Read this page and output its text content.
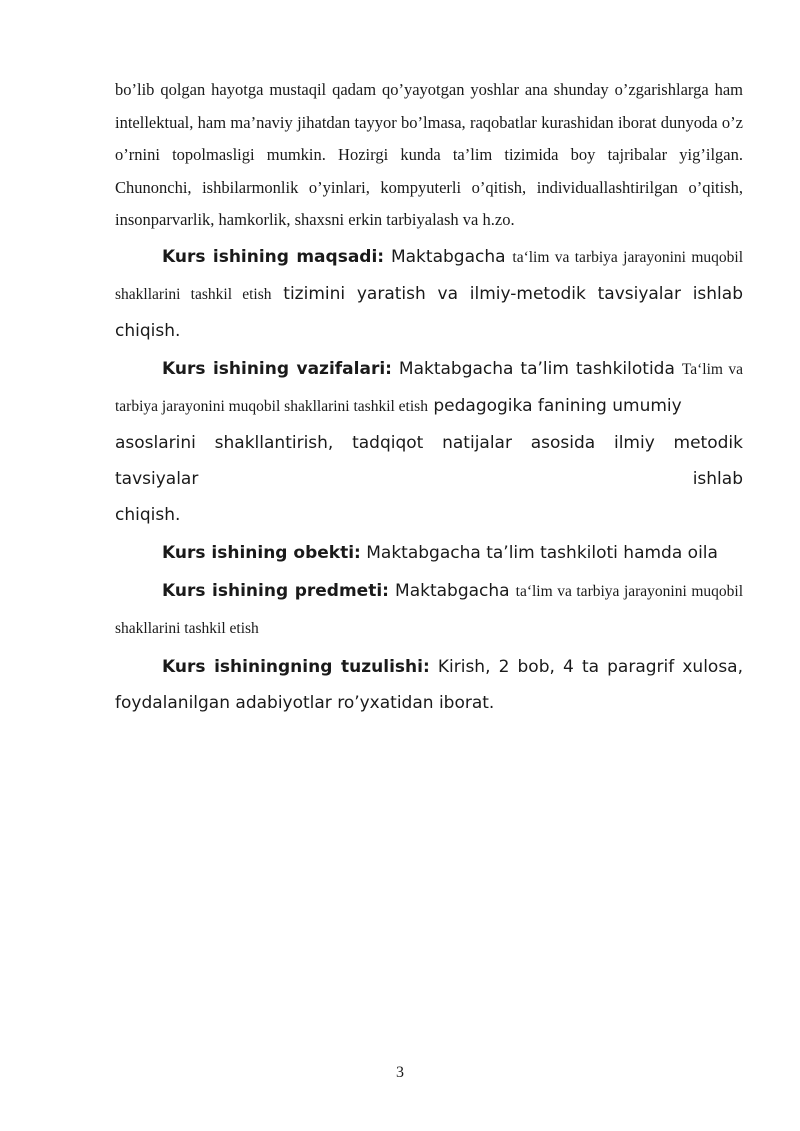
bo’lib qolgan hayotga mustaqil qadam qo’yayotgan yoshlar ana shunday o’zgarishlarga ham intellektual, ham ma’naviy jihatdan tayyor bo’lmasa, raqobatlar kurashidan iborat dunyoda o’z o’rnini topolmasligi mumkin. Hozirgi kunda ta’lim tizimida boy tajribalar yig’ilgan. Chunonchi, ishbilarmonlik o’yinlari, kompyuterli o’qitish, individuallashtirilgan o’qitish, insonparvarlik, hamkorlik, shaxsni erkin tarbiyalash va h.zo.

Kurs ishining maqsadi: Maktabgacha ta‘lim va tarbiya jarayonini muqobil shakllarini tashkil etish tizimini yaratish va ilmiy-metodik tavsiyalar ishlab chiqish.

Kurs ishining vazifalari: Maktabgacha ta’lim tashkilotida Ta‘lim va tarbiya jarayonini muqobil shakllarini tashkil etish pedagogika fanining umumiy

asoslarini shakllantirish, tadqiqot natijalar asosida ilmiy metodik
tavsiyalar	ishlab
chiqish.

Kurs ishining obekti: Maktabgacha ta’lim tashkiloti hamda oila

Kurs ishining predmeti: Maktabgacha ta‘lim va tarbiya jarayonini muqobil shakllarini tashkil etish

Kurs ishiningning tuzulishi: Kirish, 2 bob, 4 ta paragrif xulosa, foydalanilgan adabiyotlar ro’yxatidan iborat.

3
